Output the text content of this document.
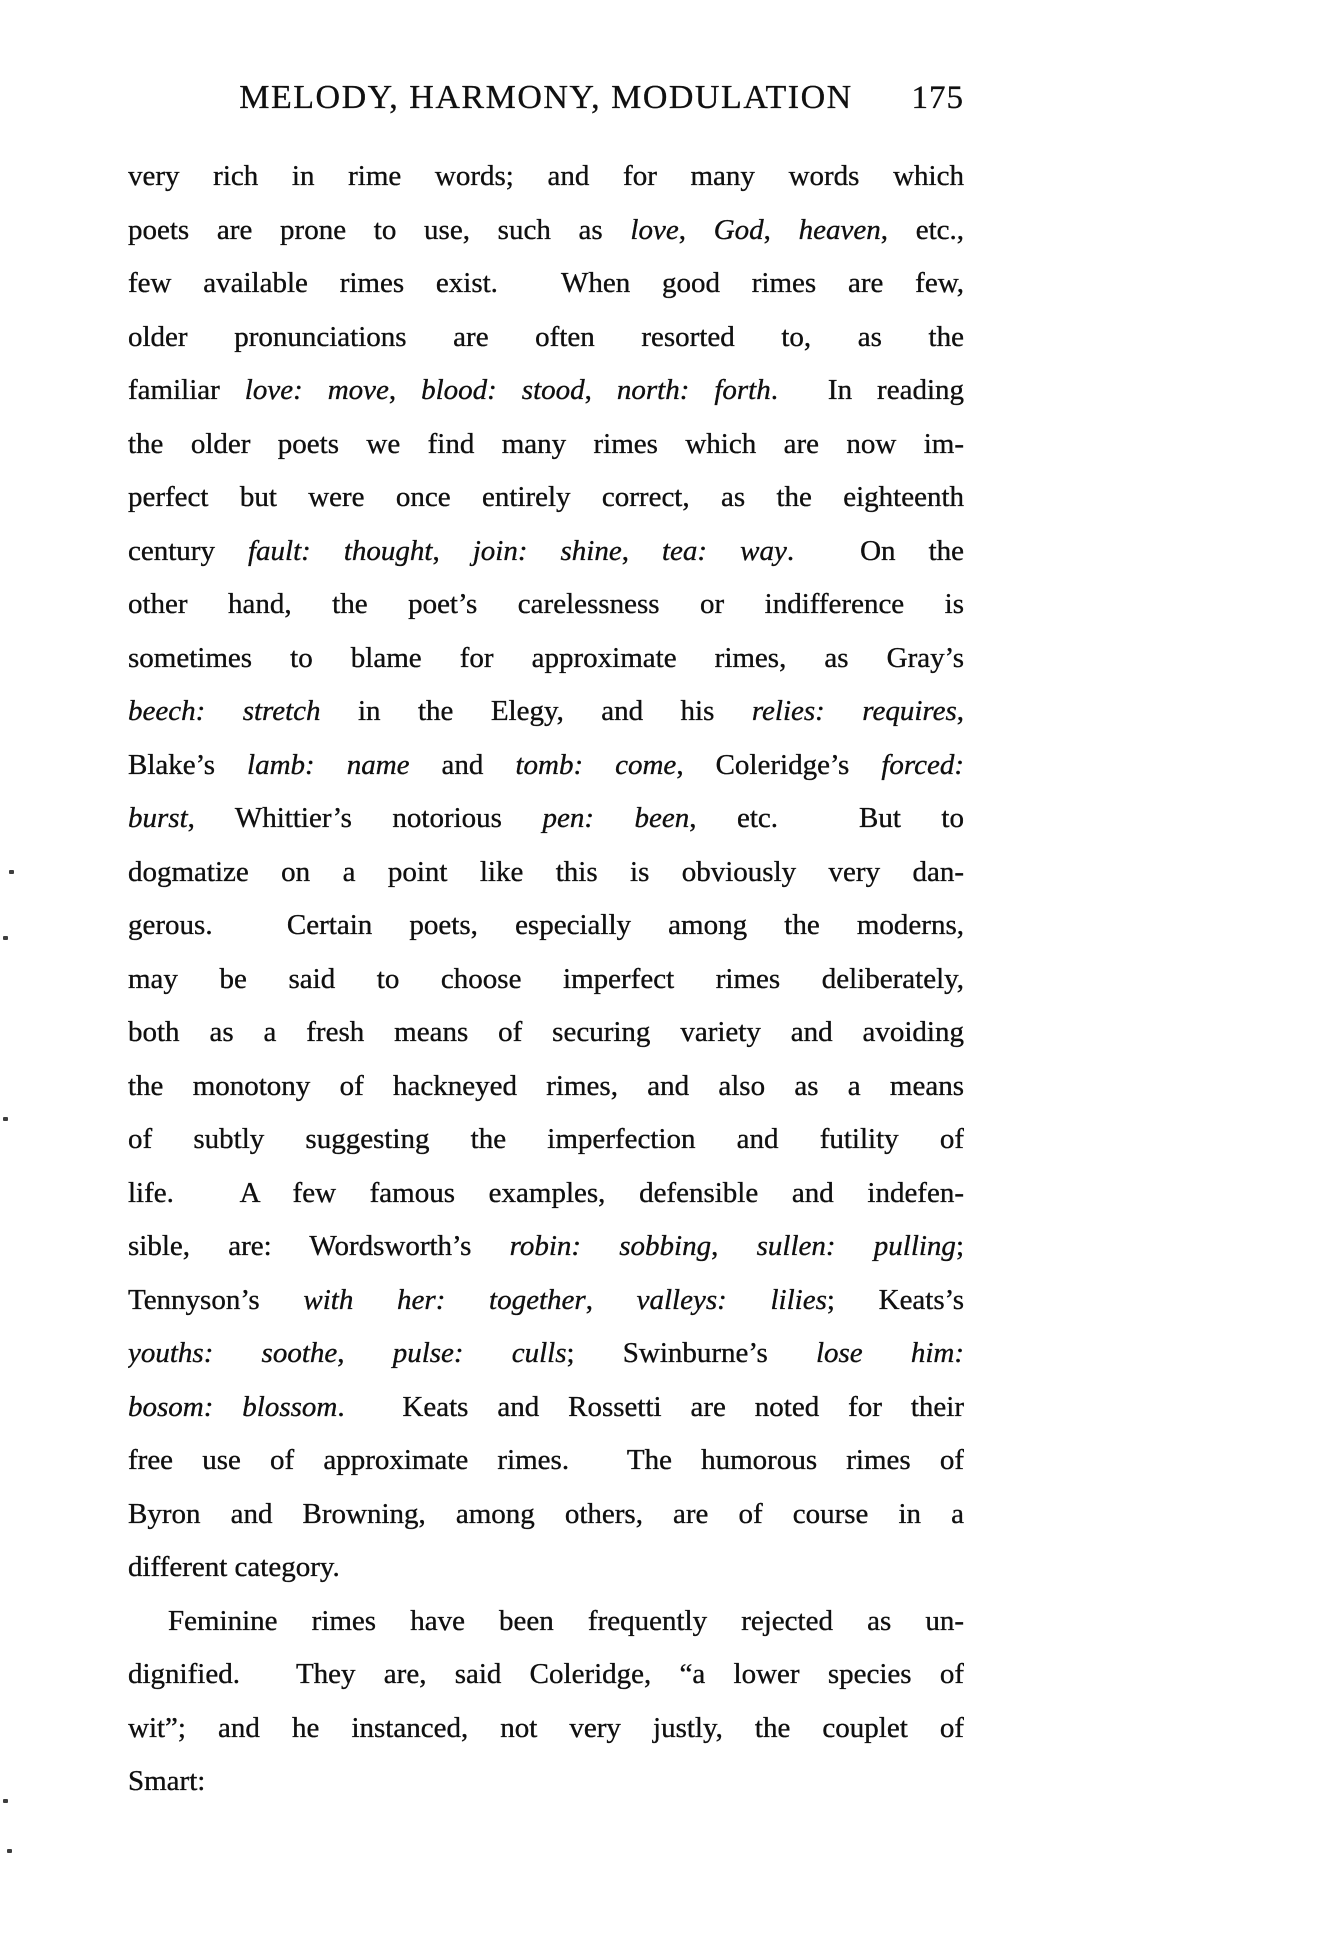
MELODY, HARMONY, MODULATION	175
very rich in rime words; and for many words which
poets are prone to use, such as love, God, heaven, etc.,
few available rimes exist.  When good rimes are few,
older pronunciations are often resorted to, as the
familiar love: move, blood: stood, north: forth.  In reading
the older poets we find many rimes which are now im-
perfect but were once entirely correct, as the eighteenth
century fault: thought, join: shine, tea: way.  On the
other hand, the poet’s carelessness or indifference is
sometimes to blame for approximate rimes, as Gray’s
beech: stretch in the Elegy, and his relies: requires,
Blake’s lamb: name and tomb: come, Coleridge’s forced:
burst, Whittier’s notorious pen: been, etc.  But to
dogmatize on a point like this is obviously very dan-
gerous.  Certain poets, especially among the moderns,
may be said to choose imperfect rimes deliberately,
both as a fresh means of securing variety and avoiding
the monotony of hackneyed rimes, and also as a means
of subtly suggesting the imperfection and futility of
life.  A few famous examples, defensible and indefen-
sible, are: Wordsworth’s robin: sobbing, sullen: pulling;
Tennyson’s with her: together, valleys: lilies; Keats’s
youths: soothe, pulse: culls; Swinburne’s lose him:
bosom: blossom.  Keats and Rossetti are noted for their
free use of approximate rimes.  The humorous rimes of
Byron and Browning, among others, are of course in a
different category.
Feminine rimes have been frequently rejected as un-
dignified.  They are, said Coleridge, “a lower species of
wit”; and he instanced, not very justly, the couplet of
Smart:
